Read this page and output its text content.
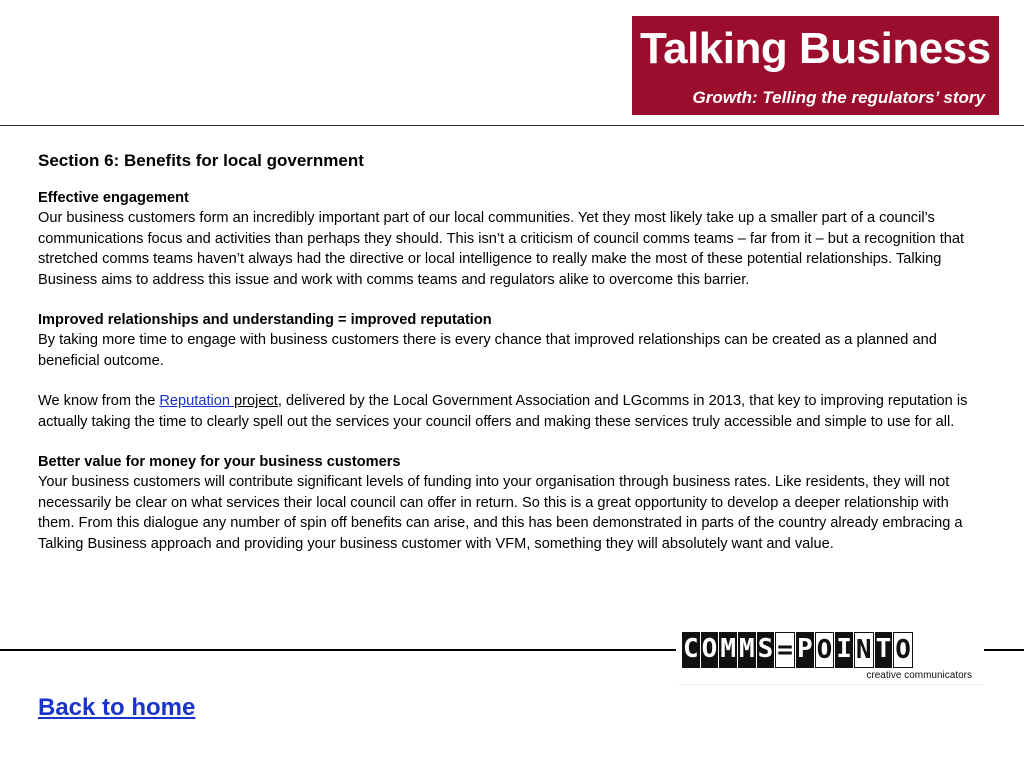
Talking Business
Growth: Telling the regulators’ story
Section 6: Benefits for local government
Effective engagement
Our business customers form an incredibly important part of our local communities. Yet they most likely take up a smaller part of a council’s communications focus and activities than perhaps they should. This isn’t a criticism of council comms teams – far from it – but a recognition that stretched comms teams haven’t always had the directive or local intelligence to really make the most of these potential relationships. Talking Business aims to address this issue and work with comms teams and regulators alike to overcome this barrier.
Improved relationships and understanding = improved reputation
By taking more time to engage with business customers there is every chance that improved relationships can be created as a planned and beneficial outcome.
We know from the Reputation project, delivered by the Local Government Association and LGcomms in 2013, that key to improving reputation is actually taking the time to clearly spell out the services your council offers and making these services truly accessible and simple to use for all.
Better value for money for your business customers
Your business customers will contribute significant levels of funding into your organisation through business rates. Like residents, they will not necessarily be clear on what services their local council can offer in return. So this is a great opportunity to develop a deeper relationship with them. From this dialogue any number of spin off benefits can arise, and this has been demonstrated in parts of the country already embracing a Talking Business approach and providing your business customer with VFM, something they will absolutely want and value.
C O M M S = P O I N T O
creative communicators
Back to home
